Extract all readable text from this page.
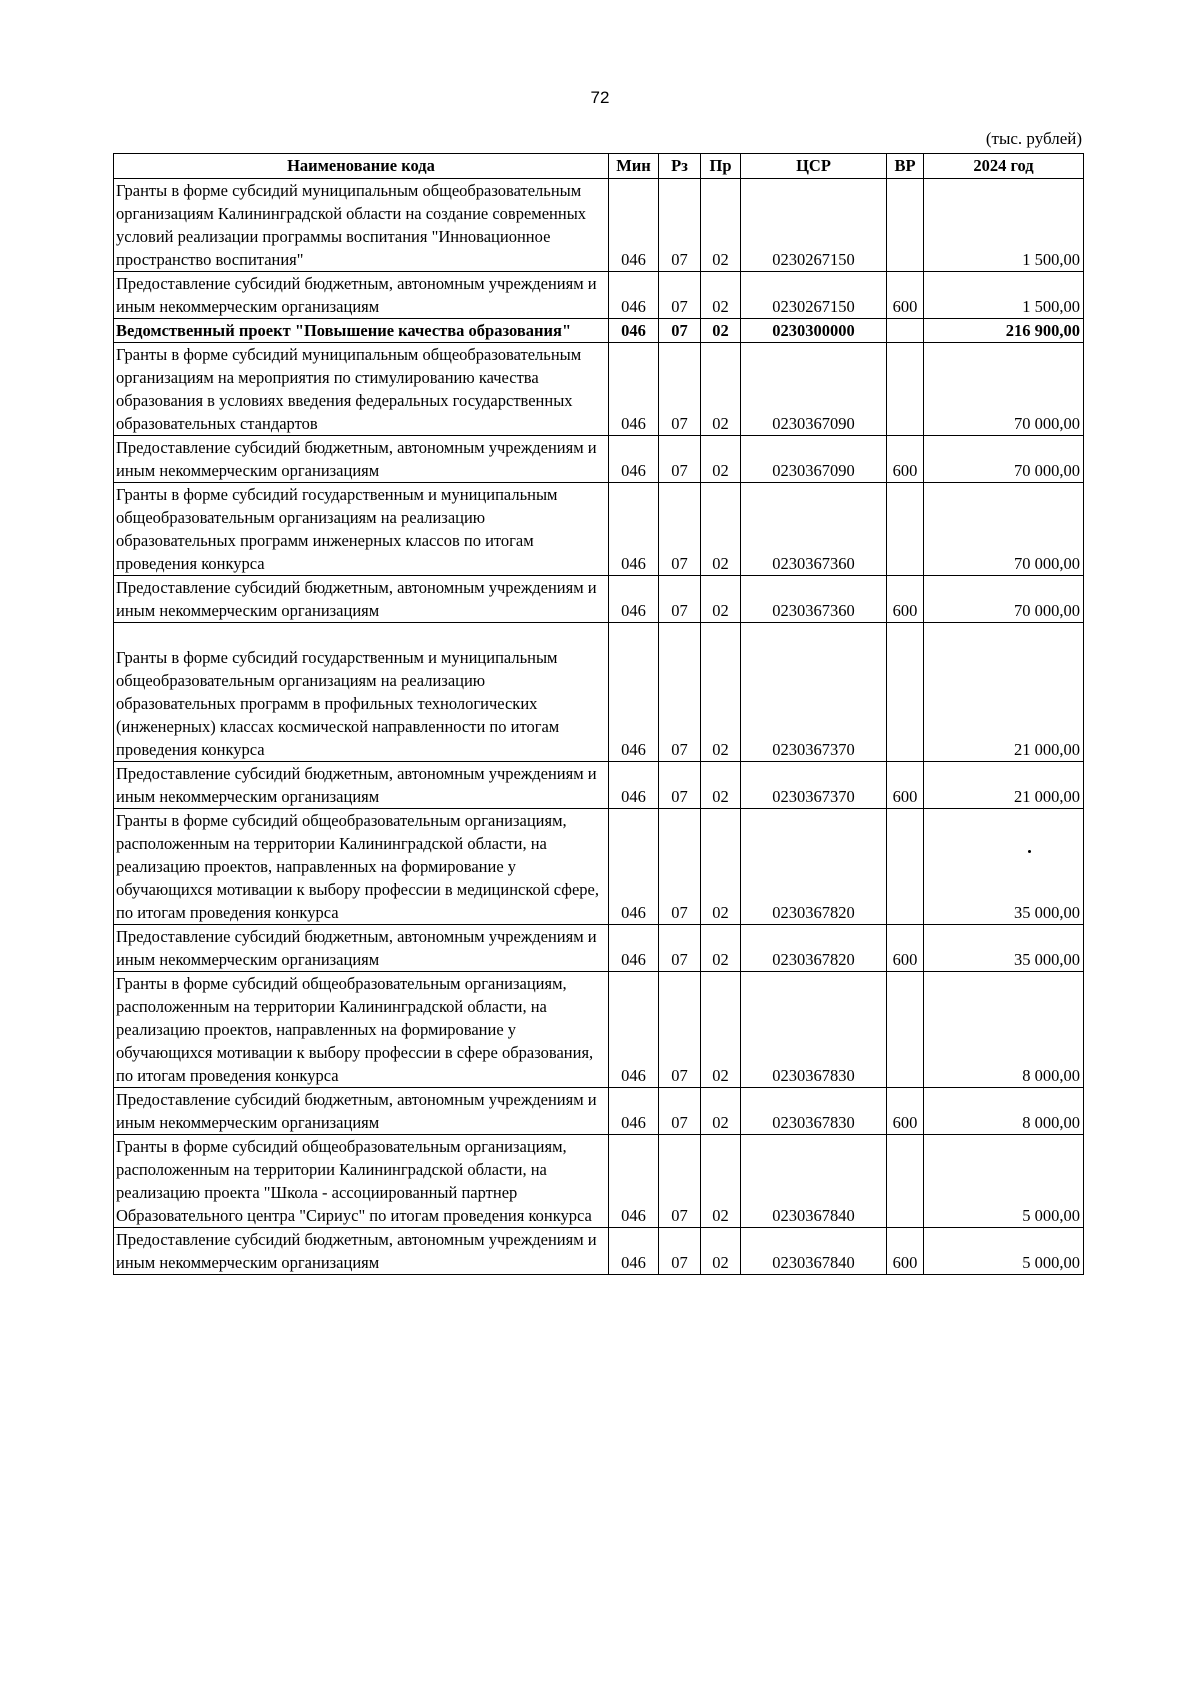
72
(тыс. рублей)
Наименование кода	Мин	Рз	Пр	ЦСР	ВР	2024 год
Гранты в форме субсидий муниципальным общеобразовательным организациям Калининградской области на создание современных условий реализации программы воспитания "Инновационное пространство воспитания"	046	07	02	0230267150		1 500,00
Предоставление субсидий бюджетным, автономным учреждениям и иным некоммерческим организациям	046	07	02	0230267150	600	1 500,00
Ведомственный проект "Повышение качества образования"	046	07	02	0230300000		216 900,00
Гранты в форме субсидий муниципальным общеобразовательным организациям на мероприятия по стимулированию качества образования в условиях введения федеральных государственных образовательных стандартов	046	07	02	0230367090		70 000,00
Предоставление субсидий бюджетным, автономным учреждениям и иным некоммерческим организациям	046	07	02	0230367090	600	70 000,00
Гранты в форме субсидий государственным и муниципальным общеобразовательным организациям на реализацию образовательных программ инженерных классов по итогам проведения конкурса	046	07	02	0230367360		70 000,00
Предоставление субсидий бюджетным, автономным учреждениям и иным некоммерческим организациям	046	07	02	0230367360	600	70 000,00
Гранты в форме субсидий государственным и муниципальным общеобразовательным организациям на реализацию образовательных программ в профильных технологических (инженерных) классах космической направленности по итогам проведения конкурса	046	07	02	0230367370		21 000,00
Предоставление субсидий бюджетным, автономным учреждениям и иным некоммерческим организациям	046	07	02	0230367370	600	21 000,00
Гранты в форме субсидий общеобразовательным организациям, расположенным на территории Калининградской области, на реализацию проектов, направленных на формирование у обучающихся мотивации к выбору профессии в медицинской сфере, по итогам проведения конкурса	046	07	02	0230367820		35 000,00
Предоставление субсидий бюджетным, автономным учреждениям и иным некоммерческим организациям	046	07	02	0230367820	600	35 000,00
Гранты в форме субсидий общеобразовательным организациям, расположенным на территории Калининградской области, на реализацию проектов, направленных на формирование у обучающихся мотивации к выбору профессии в сфере образования, по итогам проведения конкурса	046	07	02	0230367830		8 000,00
Предоставление субсидий бюджетным, автономным учреждениям и иным некоммерческим организациям	046	07	02	0230367830	600	8 000,00
Гранты в форме субсидий общеобразовательным организациям, расположенным на территории Калининградской области, на реализацию проекта "Школа - ассоциированный партнер Образовательного центра "Сириус" по итогам проведения конкурса	046	07	02	0230367840		5 000,00
Предоставление субсидий бюджетным, автономным учреждениям и иным некоммерческим организациям	046	07	02	0230367840	600	5 000,00
